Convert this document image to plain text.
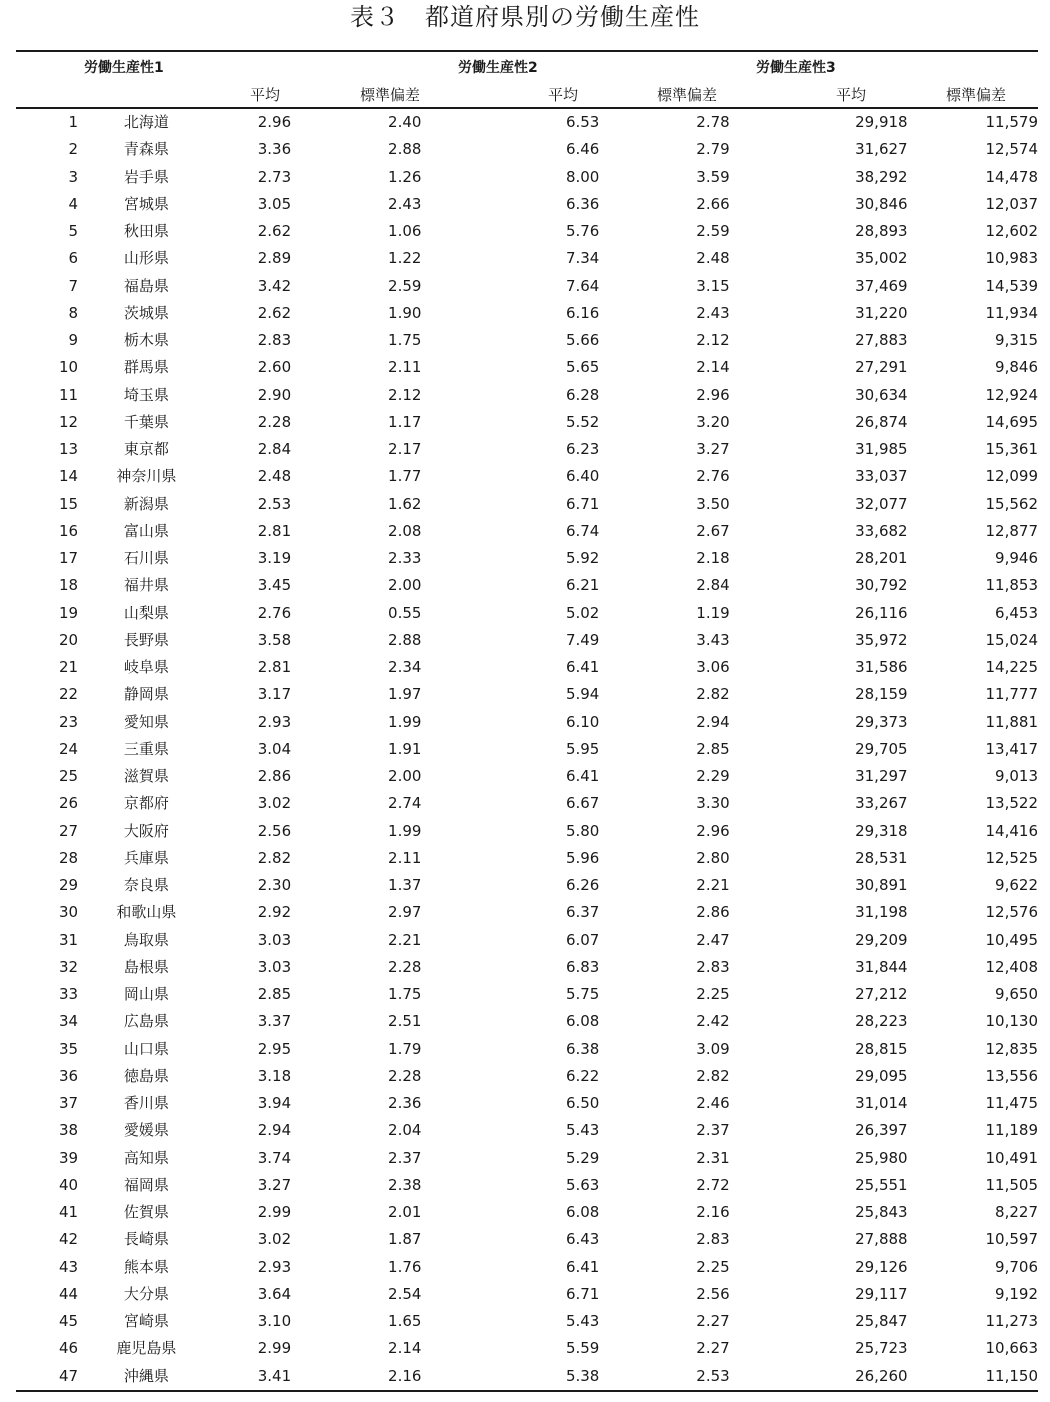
表３　都道府県別の労働生産性
労働生産性1	労働生産性2	労働生産性3
平均	標準偏差	平均	標準偏差	平均	標準偏差
1	北海道	2.96	2.40	6.53	2.78	29,918	11,579
2	青森県	3.36	2.88	6.46	2.79	31,627	12,574
3	岩手県	2.73	1.26	8.00	3.59	38,292	14,478
4	宮城県	3.05	2.43	6.36	2.66	30,846	12,037
5	秋田県	2.62	1.06	5.76	2.59	28,893	12,602
6	山形県	2.89	1.22	7.34	2.48	35,002	10,983
7	福島県	3.42	2.59	7.64	3.15	37,469	14,539
8	茨城県	2.62	1.90	6.16	2.43	31,220	11,934
9	栃木県	2.83	1.75	5.66	2.12	27,883	9,315
10	群馬県	2.60	2.11	5.65	2.14	27,291	9,846
11	埼玉県	2.90	2.12	6.28	2.96	30,634	12,924
12	千葉県	2.28	1.17	5.52	3.20	26,874	14,695
13	東京都	2.84	2.17	6.23	3.27	31,985	15,361
14	神奈川県	2.48	1.77	6.40	2.76	33,037	12,099
15	新潟県	2.53	1.62	6.71	3.50	32,077	15,562
16	富山県	2.81	2.08	6.74	2.67	33,682	12,877
17	石川県	3.19	2.33	5.92	2.18	28,201	9,946
18	福井県	3.45	2.00	6.21	2.84	30,792	11,853
19	山梨県	2.76	0.55	5.02	1.19	26,116	6,453
20	長野県	3.58	2.88	7.49	3.43	35,972	15,024
21	岐阜県	2.81	2.34	6.41	3.06	31,586	14,225
22	静岡県	3.17	1.97	5.94	2.82	28,159	11,777
23	愛知県	2.93	1.99	6.10	2.94	29,373	11,881
24	三重県	3.04	1.91	5.95	2.85	29,705	13,417
25	滋賀県	2.86	2.00	6.41	2.29	31,297	9,013
26	京都府	3.02	2.74	6.67	3.30	33,267	13,522
27	大阪府	2.56	1.99	5.80	2.96	29,318	14,416
28	兵庫県	2.82	2.11	5.96	2.80	28,531	12,525
29	奈良県	2.30	1.37	6.26	2.21	30,891	9,622
30	和歌山県	2.92	2.97	6.37	2.86	31,198	12,576
31	鳥取県	3.03	2.21	6.07	2.47	29,209	10,495
32	島根県	3.03	2.28	6.83	2.83	31,844	12,408
33	岡山県	2.85	1.75	5.75	2.25	27,212	9,650
34	広島県	3.37	2.51	6.08	2.42	28,223	10,130
35	山口県	2.95	1.79	6.38	3.09	28,815	12,835
36	徳島県	3.18	2.28	6.22	2.82	29,095	13,556
37	香川県	3.94	2.36	6.50	2.46	31,014	11,475
38	愛媛県	2.94	2.04	5.43	2.37	26,397	11,189
39	高知県	3.74	2.37	5.29	2.31	25,980	10,491
40	福岡県	3.27	2.38	5.63	2.72	25,551	11,505
41	佐賀県	2.99	2.01	6.08	2.16	25,843	8,227
42	長崎県	3.02	1.87	6.43	2.83	27,888	10,597
43	熊本県	2.93	1.76	6.41	2.25	29,126	9,706
44	大分県	3.64	2.54	6.71	2.56	29,117	9,192
45	宮崎県	3.10	1.65	5.43	2.27	25,847	11,273
46	鹿児島県	2.99	2.14	5.59	2.27	25,723	10,663
47	沖縄県	3.41	2.16	5.38	2.53	26,260	11,150
